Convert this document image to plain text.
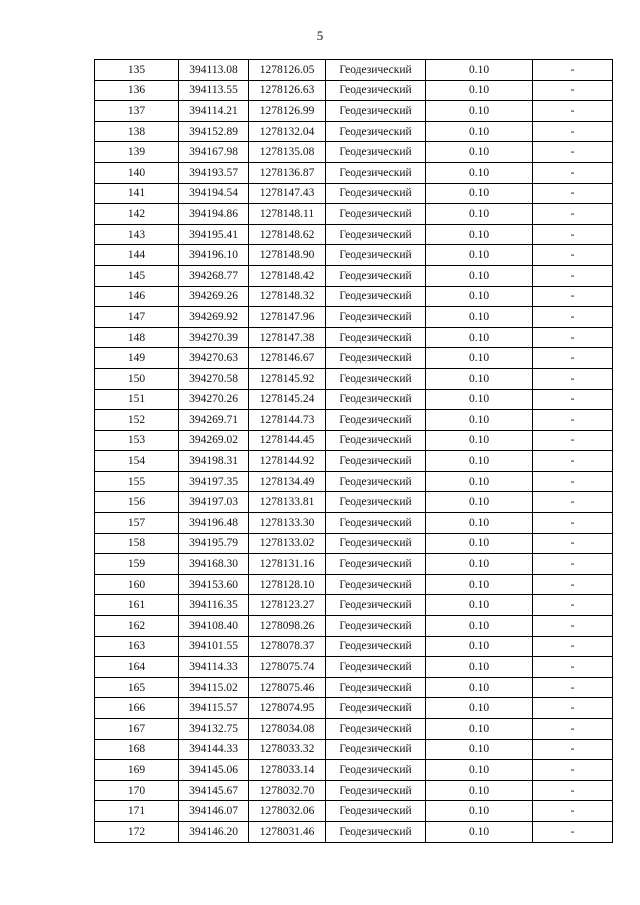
5
135	394113.08	1278126.05	Геодезический	0.10	-
136	394113.55	1278126.63	Геодезический	0.10	-
137	394114.21	1278126.99	Геодезический	0.10	-
138	394152.89	1278132.04	Геодезический	0.10	-
139	394167.98	1278135.08	Геодезический	0.10	-
140	394193.57	1278136.87	Геодезический	0.10	-
141	394194.54	1278147.43	Геодезический	0.10	-
142	394194.86	1278148.11	Геодезический	0.10	-
143	394195.41	1278148.62	Геодезический	0.10	-
144	394196.10	1278148.90	Геодезический	0.10	-
145	394268.77	1278148.42	Геодезический	0.10	-
146	394269.26	1278148.32	Геодезический	0.10	-
147	394269.92	1278147.96	Геодезический	0.10	-
148	394270.39	1278147.38	Геодезический	0.10	-
149	394270.63	1278146.67	Геодезический	0.10	-
150	394270.58	1278145.92	Геодезический	0.10	-
151	394270.26	1278145.24	Геодезический	0.10	-
152	394269.71	1278144.73	Геодезический	0.10	-
153	394269.02	1278144.45	Геодезический	0.10	-
154	394198.31	1278144.92	Геодезический	0.10	-
155	394197.35	1278134.49	Геодезический	0.10	-
156	394197.03	1278133.81	Геодезический	0.10	-
157	394196.48	1278133.30	Геодезический	0.10	-
158	394195.79	1278133.02	Геодезический	0.10	-
159	394168.30	1278131.16	Геодезический	0.10	-
160	394153.60	1278128.10	Геодезический	0.10	-
161	394116.35	1278123.27	Геодезический	0.10	-
162	394108.40	1278098.26	Геодезический	0.10	-
163	394101.55	1278078.37	Геодезический	0.10	-
164	394114.33	1278075.74	Геодезический	0.10	-
165	394115.02	1278075.46	Геодезический	0.10	-
166	394115.57	1278074.95	Геодезический	0.10	-
167	394132.75	1278034.08	Геодезический	0.10	-
168	394144.33	1278033.32	Геодезический	0.10	-
169	394145.06	1278033.14	Геодезический	0.10	-
170	394145.67	1278032.70	Геодезический	0.10	-
171	394146.07	1278032.06	Геодезический	0.10	-
172	394146.20	1278031.46	Геодезический	0.10	-
